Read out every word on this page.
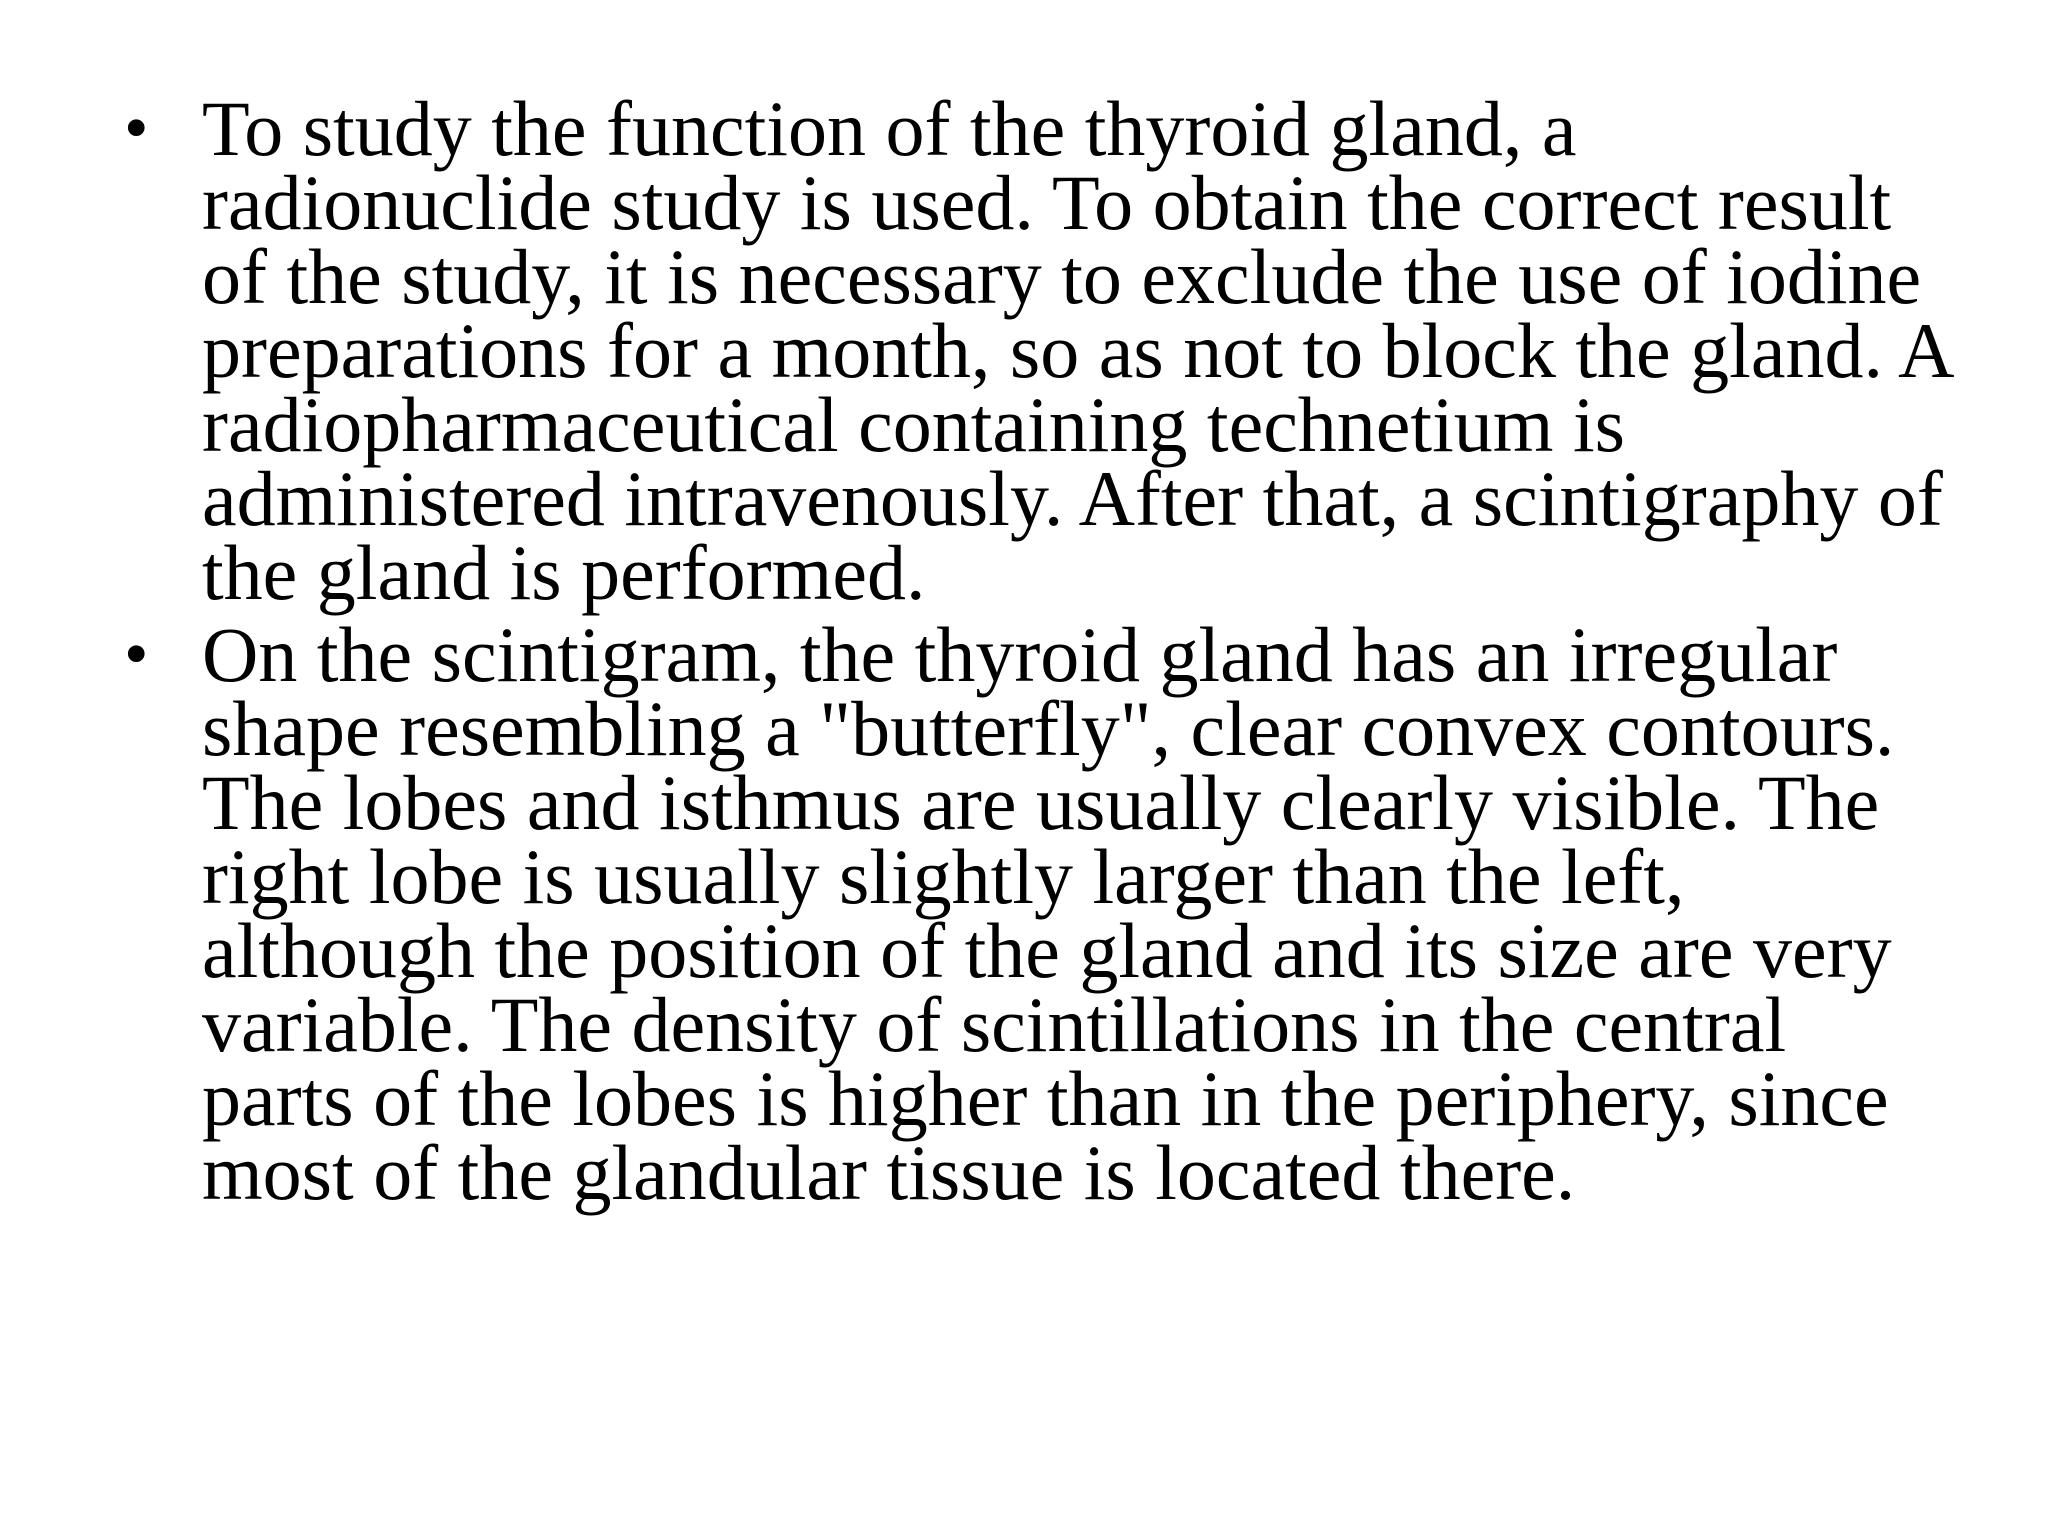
• To study the function of the thyroid gland, a
radionuclide study is used. To obtain the correct result
of the study, it is necessary to exclude the use of iodine
preparations for a month, so as not to block the gland. A
radiopharmaceutical containing technetium is
administered intravenously. After that, a scintigraphy of
the gland is performed.
• On the scintigram, the thyroid gland has an irregular
shape resembling a "butterfly", clear convex contours.
The lobes and isthmus are usually clearly visible. The
right lobe is usually slightly larger than the left,
although the position of the gland and its size are very
variable. The density of scintillations in the central
parts of the lobes is higher than in the periphery, since
most of the glandular tissue is located there.
